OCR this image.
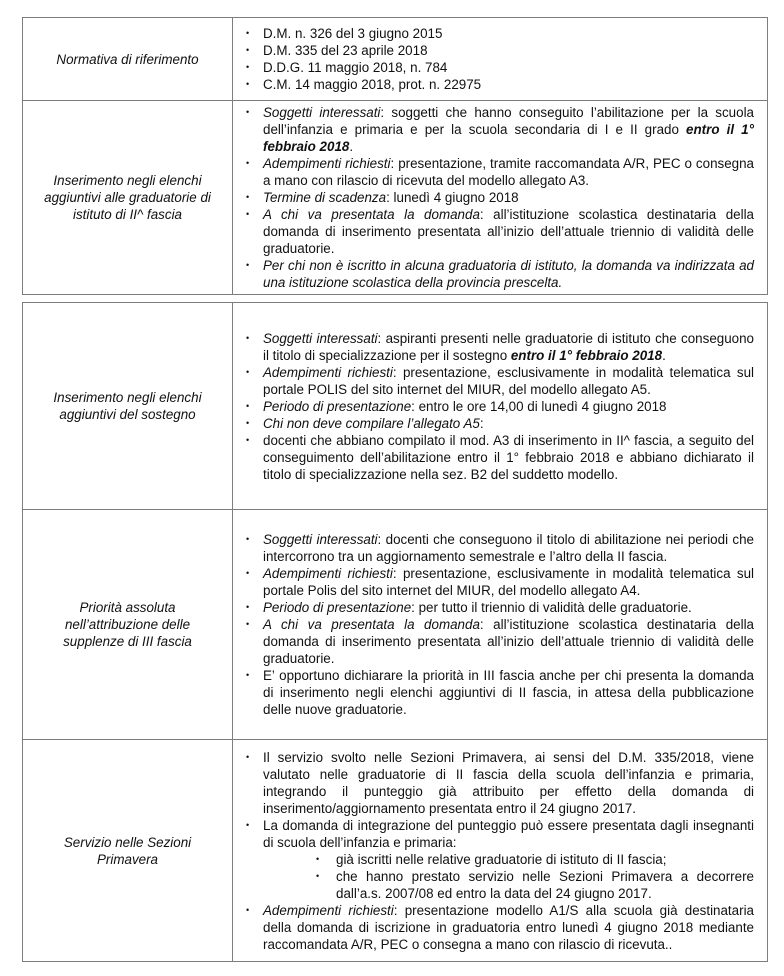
Normativa di riferimento
•	D.M. n. 326 del 3 giugno 2015
•	D.M. 335 del 23 aprile 2018
•	D.D.G. 11 maggio 2018, n. 784
•	C.M. 14 maggio 2018, prot. n. 22975
Inserimento negli elenchi
aggiuntivi alle graduatorie di
istituto di II^ fascia
•	Soggetti interessati: soggetti che hanno conseguito l’abilitazione per la scuola dell’infanzia e primaria e per la scuola secondaria di I e II grado entro il 1° febbraio 2018.
•	Adempimenti richiesti: presentazione, tramite raccomandata A/R, PEC o consegna a mano con rilascio di ricevuta del modello allegato A3.
•	Termine di scadenza: lunedì 4 giugno 2018
•	A chi va presentata la domanda: all’istituzione scolastica destinataria della domanda di inserimento presentata all’inizio dell’attuale triennio di validità delle graduatorie.
•	Per chi non è iscritto in alcuna graduatoria di istituto, la domanda va indirizzata ad una istituzione scolastica della provincia prescelta.
Inserimento negli elenchi
aggiuntivi del sostegno
•	Soggetti interessati: aspiranti presenti nelle graduatorie di istituto che conseguono il titolo di specializzazione per il sostegno entro il 1° febbraio 2018.
•	Adempimenti richiesti: presentazione, esclusivamente in modalità telematica sul portale POLIS del sito internet del MIUR, del modello allegato A5.
•	Periodo di presentazione: entro le ore 14,00 di lunedì 4 giugno 2018
•	Chi non deve compilare l’allegato A5:
•	docenti che abbiano compilato il mod. A3 di inserimento in II^ fascia, a seguito del conseguimento dell’abilitazione entro il 1° febbraio 2018 e abbiano dichiarato il titolo di specializzazione nella sez. B2 del suddetto modello.
Priorità assoluta
nell’attribuzione delle
supplenze di III fascia
•	Soggetti interessati: docenti che conseguono il titolo di abilitazione nei periodi che intercorrono tra un aggiornamento semestrale e l’altro della II fascia.
•	Adempimenti richiesti: presentazione, esclusivamente in modalità telematica sul portale Polis del sito internet del MIUR, del modello allegato A4.
•	Periodo di presentazione: per tutto il triennio di validità delle graduatorie.
•	A chi va presentata la domanda: all’istituzione scolastica destinataria della domanda di inserimento presentata all’inizio dell’attuale triennio di validità delle graduatorie.
•	E’ opportuno dichiarare la priorità in III fascia anche per chi presenta la domanda di inserimento negli elenchi aggiuntivi di II fascia, in attesa della pubblicazione delle nuove graduatorie.
Servizio nelle Sezioni
Primavera
•	Il servizio svolto nelle Sezioni Primavera, ai sensi del D.M. 335/2018, viene valutato nelle graduatorie di II fascia della scuola dell’infanzia e primaria, integrando il punteggio già attribuito per effetto della domanda di inserimento/aggiornamento presentata entro il 24 giugno 2017.
•	La domanda di integrazione del punteggio può essere presentata dagli insegnanti di scuola dell’infanzia e primaria:
•	già iscritti nelle relative graduatorie di istituto di II fascia;
•	che hanno prestato servizio nelle Sezioni Primavera a decorrere dall’a.s. 2007/08 ed entro la data del 24 giugno 2017.
•	Adempimenti richiesti: presentazione modello A1/S alla scuola già destinataria della domanda di iscrizione in graduatoria entro lunedì 4 giugno 2018 mediante raccomandata A/R, PEC o consegna a mano con rilascio di ricevuta..
